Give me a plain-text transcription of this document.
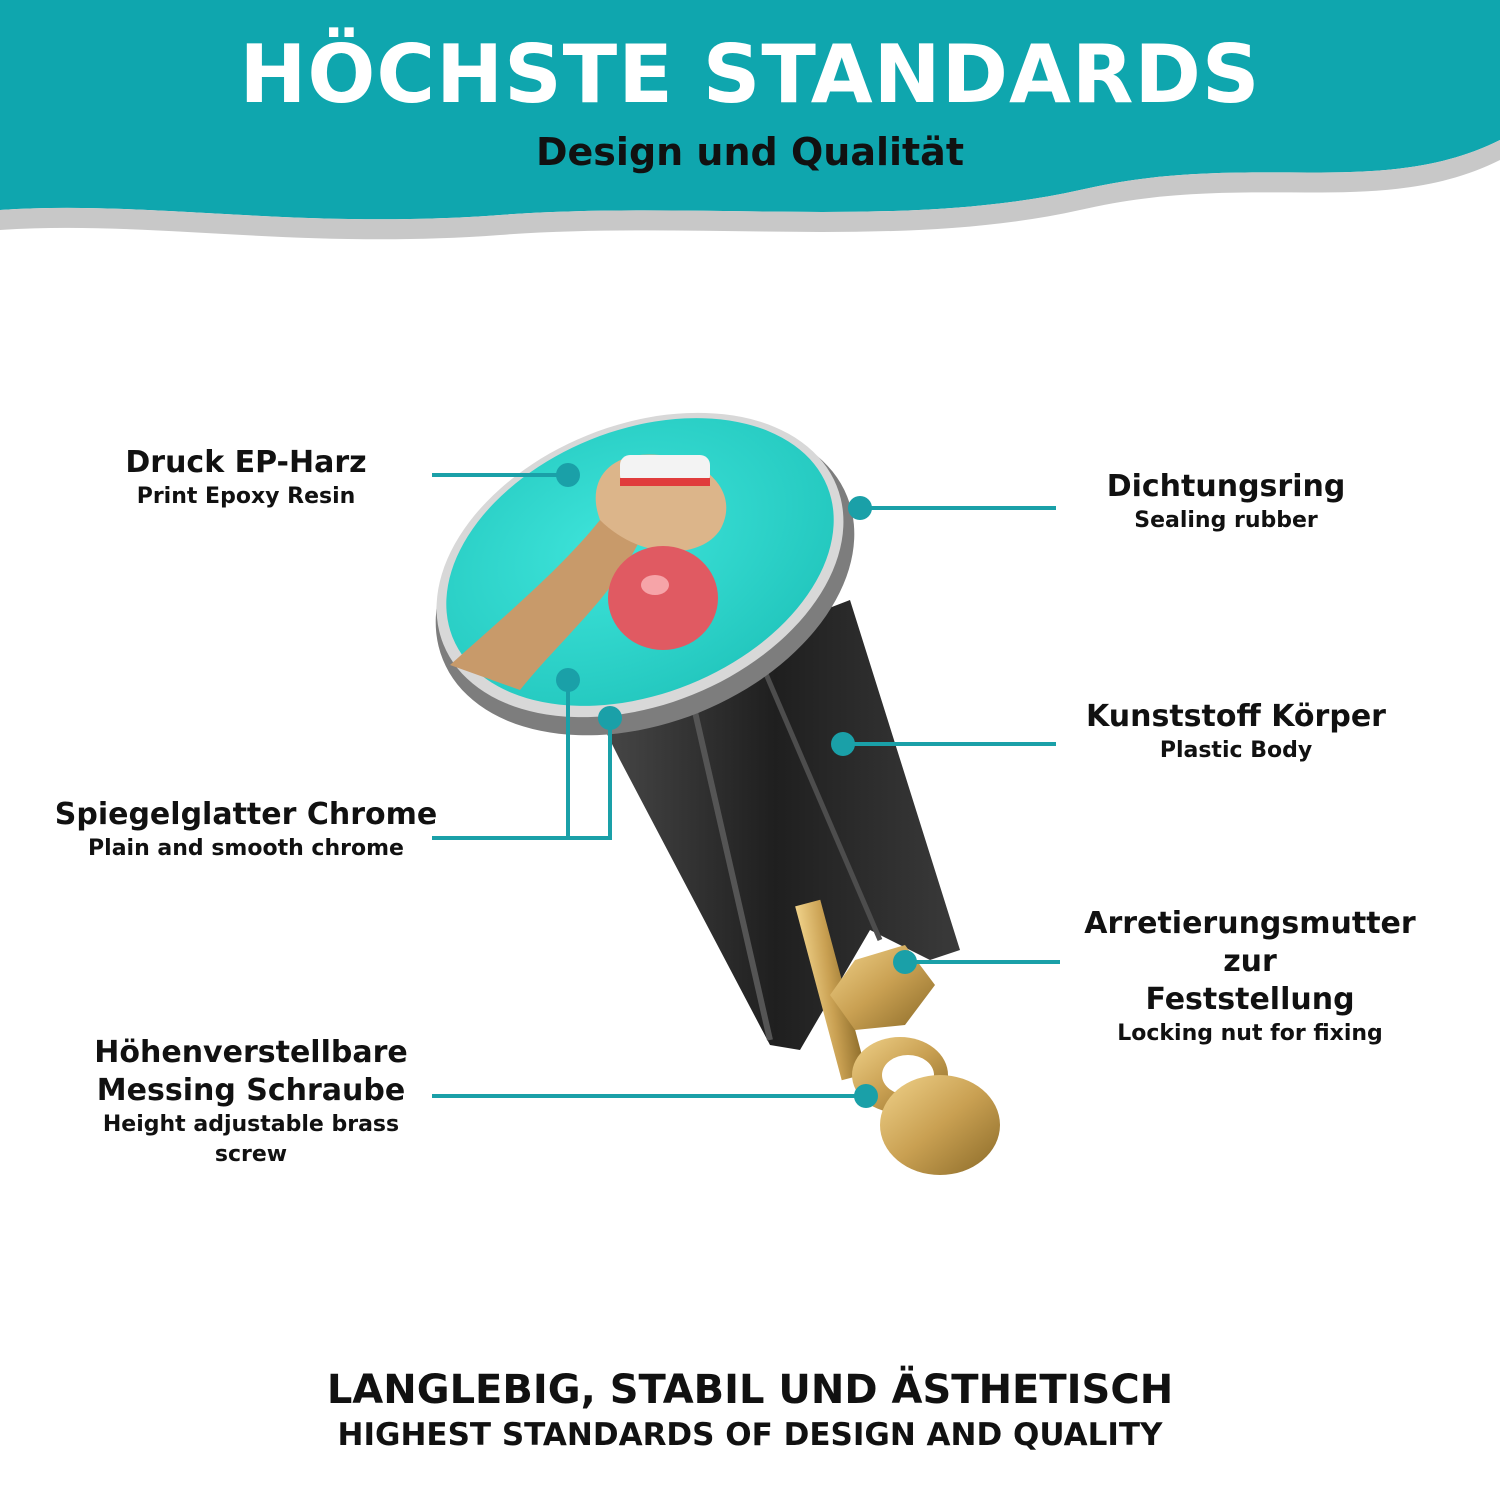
HÖCHSTE STANDARDS
Design und Qualität
Druck EP-Harz
Print Epoxy Resin	Dichtungsring
Sealing rubber
Spiegelglatter Chrome
Plain and smooth chrome
Kunststoff Körper
Plastic Body
Arretierungsmutter zur
Feststellung
Locking nut for fixing
Höhenverstellbare
Messing Schraube
Height adjustable brass screw
LANGLEBIG, STABIL UND ÄSTHETISCH
HIGHEST STANDARDS OF DESIGN AND QUALITY
